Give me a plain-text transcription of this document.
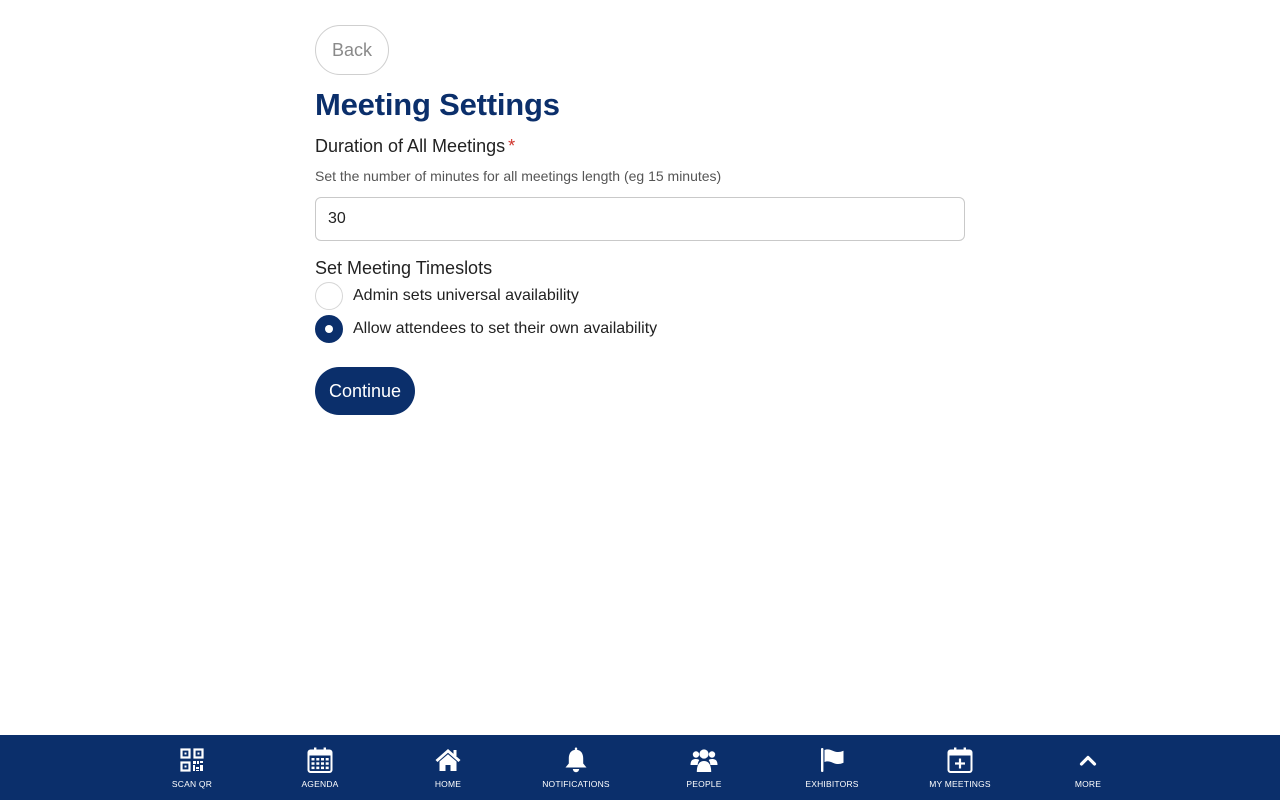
Back
Meeting Settings
Duration of All Meetings *
Set the number of minutes for all meetings length (eg 15 minutes)
30
Set Meeting Timeslots
Admin sets universal availability
Allow attendees to set their own availability
Continue
SCAN QR	AGENDA	HOME	NOTIFICATIONS	PEOPLE	EXHIBITORS	MY MEETINGS	MORE
